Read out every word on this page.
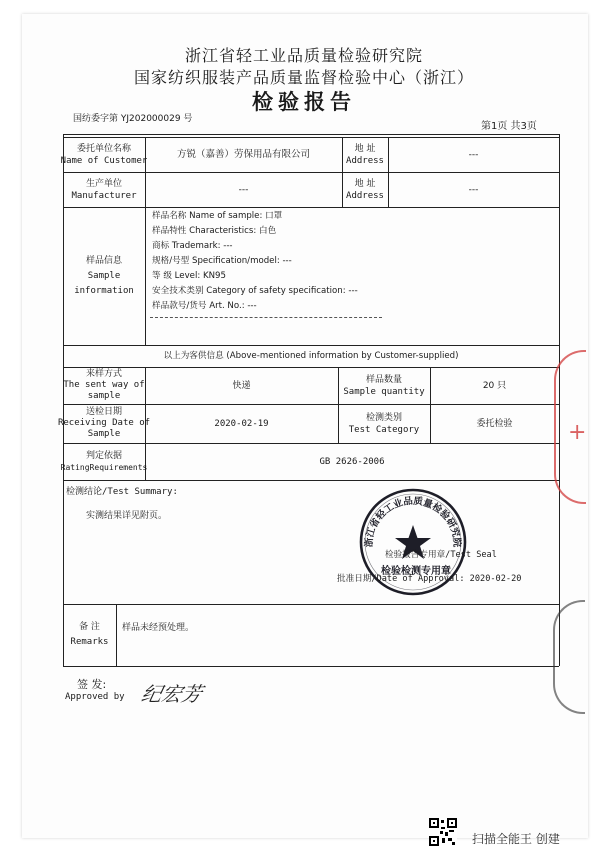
浙江省轻工业品质量检验研究院
国家纺织服装产品质量监督检验中心（浙江）
检验报告
国纺委字第 YJ202000029 号
第1页 共3页
委托单位名称
Name of Customer
方锐（嘉善）劳保用品有限公司	地 址
Address
---
生产单位
Manufacturer
---
地 址
Address
---
样品信息
Sample
information
样品名称 Name of sample: 口罩
样品特性 Characteristics: 白色
商标 Trademark: ---
规格/号型 Specification/model: ---
等 级 Level: KN95
安全技术类别 Category of safety specification: ---
样品款号/货号 Art. No.: ---
以上为客供信息 (Above-mentioned information by Customer-supplied)
来样方式
The sent way of
sample
快递
样品数量
Sample quantity
20 只
送检日期
Receiving Date of
Sample
2020-02-19
检测类别
Test Category
委托检验
判定依据
RatingRequirements
GB 2626-2006
检测结论/Test Summary:
实测结果详见附页。
浙江省轻工业品质量检验研究院
检验报告专用章/Test Seal
检验检测专用章
批准日期/Date of Approval: 2020-02-20
备 注
Remarks
样品未经预处理。
签 发:
Approved by 纪宏芳
+
扫描全能王 创建
